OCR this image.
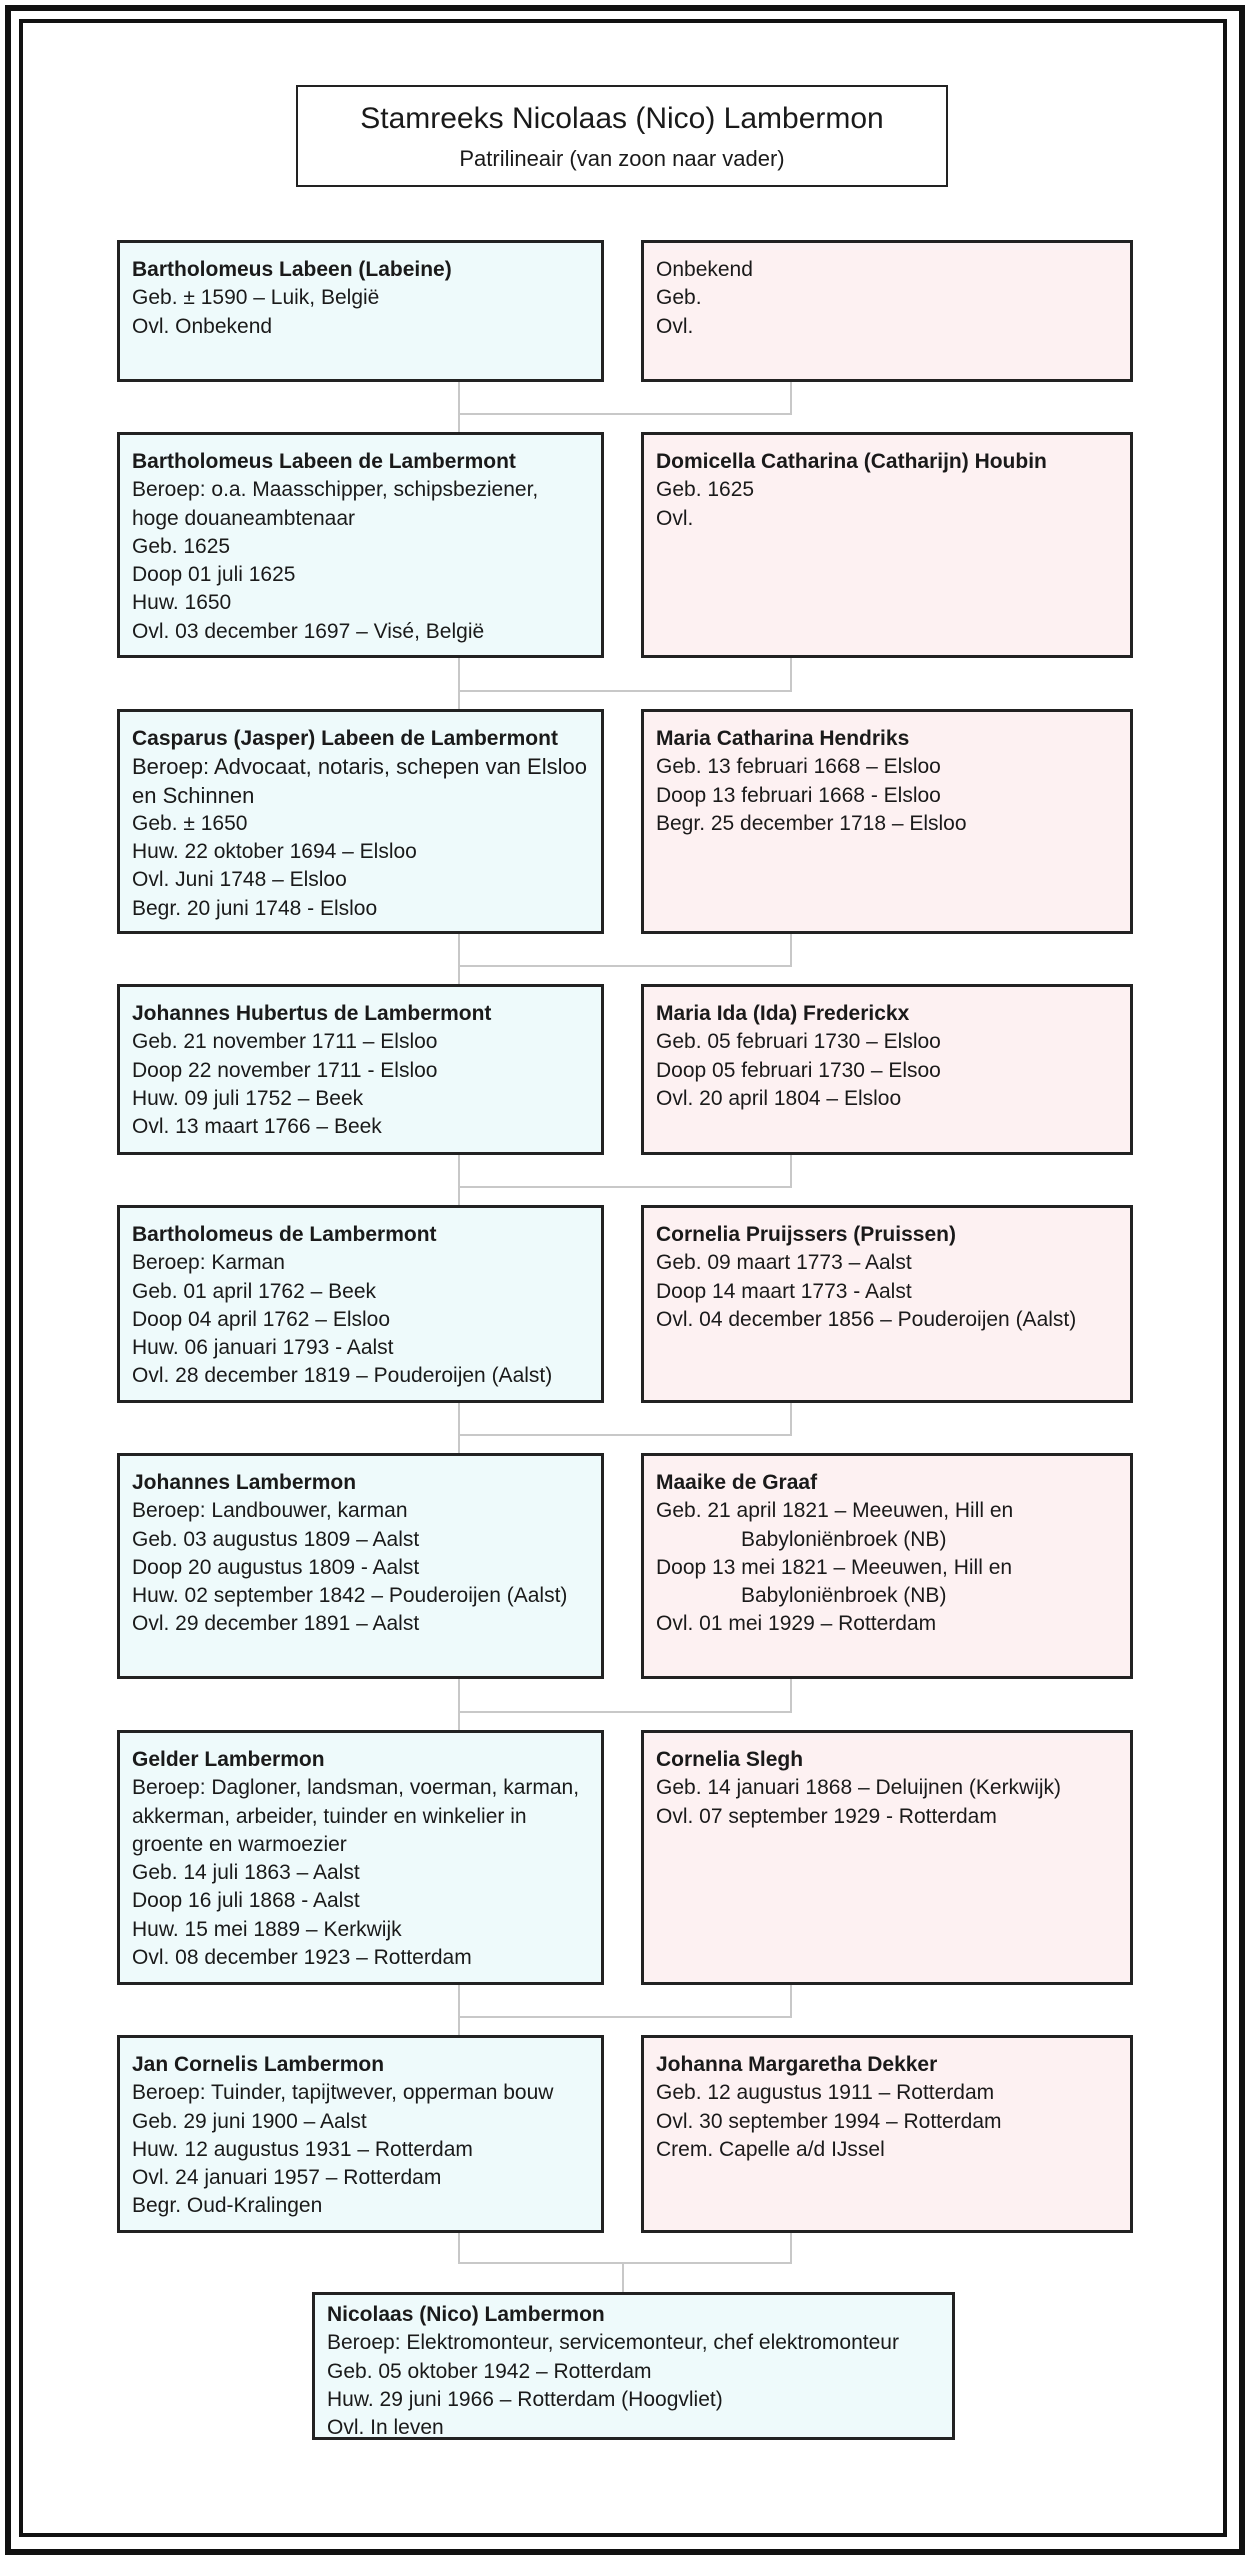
Stamreeks Nicolaas (Nico) Lambermon
Patrilineair (van zoon naar vader)
Bartholomeus Labeen (Labeine)
Geb. ± 1590 – Luik, België
Ovl. Onbekend
Onbekend
Geb.
Ovl.
Bartholomeus Labeen de Lambermont
Beroep: o.a. Maasschipper, schipsbeziener, hoge douaneambtenaar
Geb. 1625
Doop 01 juli 1625
Huw. 1650
Ovl. 03 december 1697 – Visé, België
Domicella Catharina (Catharijn) Houbin
Geb. 1625
Ovl.
Casparus (Jasper) Labeen de Lambermont
Beroep: Advocaat, notaris, schepen van Elsloo en Schinnen
Geb. ± 1650
Huw. 22 oktober 1694 – Elsloo
Ovl. Juni 1748 – Elsloo
Begr. 20 juni 1748 - Elsloo
Maria Catharina Hendriks
Geb. 13 februari 1668 – Elsloo
Doop 13 februari 1668 - Elsloo
Begr. 25 december 1718 – Elsloo
Johannes Hubertus de Lambermont
Geb. 21 november 1711 – Elsloo
Doop 22 november 1711 - Elsloo
Huw. 09 juli 1752 – Beek
Ovl. 13 maart 1766 – Beek
Maria Ida (Ida) Frederickx
Geb. 05 februari 1730 – Elsloo
Doop 05 februari 1730 – Elsoo
Ovl. 20 april 1804 – Elsloo
Bartholomeus de Lambermont
Beroep: Karman
Geb. 01 april 1762 – Beek
Doop 04 april 1762 – Elsloo
Huw. 06 januari 1793 - Aalst
Ovl. 28 december 1819 – Pouderoijen (Aalst)
Cornelia Pruijssers (Pruissen)
Geb. 09 maart 1773 – Aalst
Doop 14 maart 1773 - Aalst
Ovl. 04 december 1856 – Pouderoijen (Aalst)
Johannes Lambermon
Beroep: Landbouwer, karman
Geb. 03 augustus 1809 – Aalst
Doop 20 augustus 1809 - Aalst
Huw. 02 september 1842 – Pouderoijen (Aalst)
Ovl. 29 december 1891 – Aalst
Maaike de Graaf
Geb. 21 april 1821 – Meeuwen, Hill en
Babyloniënbroek (NB)
Doop 13 mei 1821 – Meeuwen, Hill en
Babyloniënbroek (NB)
Ovl. 01 mei 1929 – Rotterdam
Gelder Lambermon
Beroep: Dagloner, landsman, voerman, karman, akkerman, arbeider, tuinder en winkelier in groente en warmoezier
Geb. 14 juli 1863 – Aalst
Doop 16 juli 1868 - Aalst
Huw. 15 mei 1889 – Kerkwijk
Ovl. 08 december 1923 – Rotterdam
Cornelia Slegh
Geb. 14 januari 1868 – Deluijnen (Kerkwijk)
Ovl. 07 september 1929 - Rotterdam
Jan Cornelis Lambermon
Beroep: Tuinder, tapijtwever, opperman bouw
Geb. 29 juni 1900 – Aalst
Huw. 12 augustus 1931 – Rotterdam
Ovl. 24 januari 1957 – Rotterdam
Begr. Oud-Kralingen
Johanna Margaretha Dekker
Geb. 12 augustus 1911 – Rotterdam
Ovl. 30 september 1994 – Rotterdam
Crem. Capelle a/d IJssel
Nicolaas (Nico) Lambermon
Beroep: Elektromonteur, servicemonteur, chef elektromonteur
Geb. 05 oktober 1942 – Rotterdam
Huw. 29 juni 1966 – Rotterdam (Hoogvliet)
Ovl. In leven
